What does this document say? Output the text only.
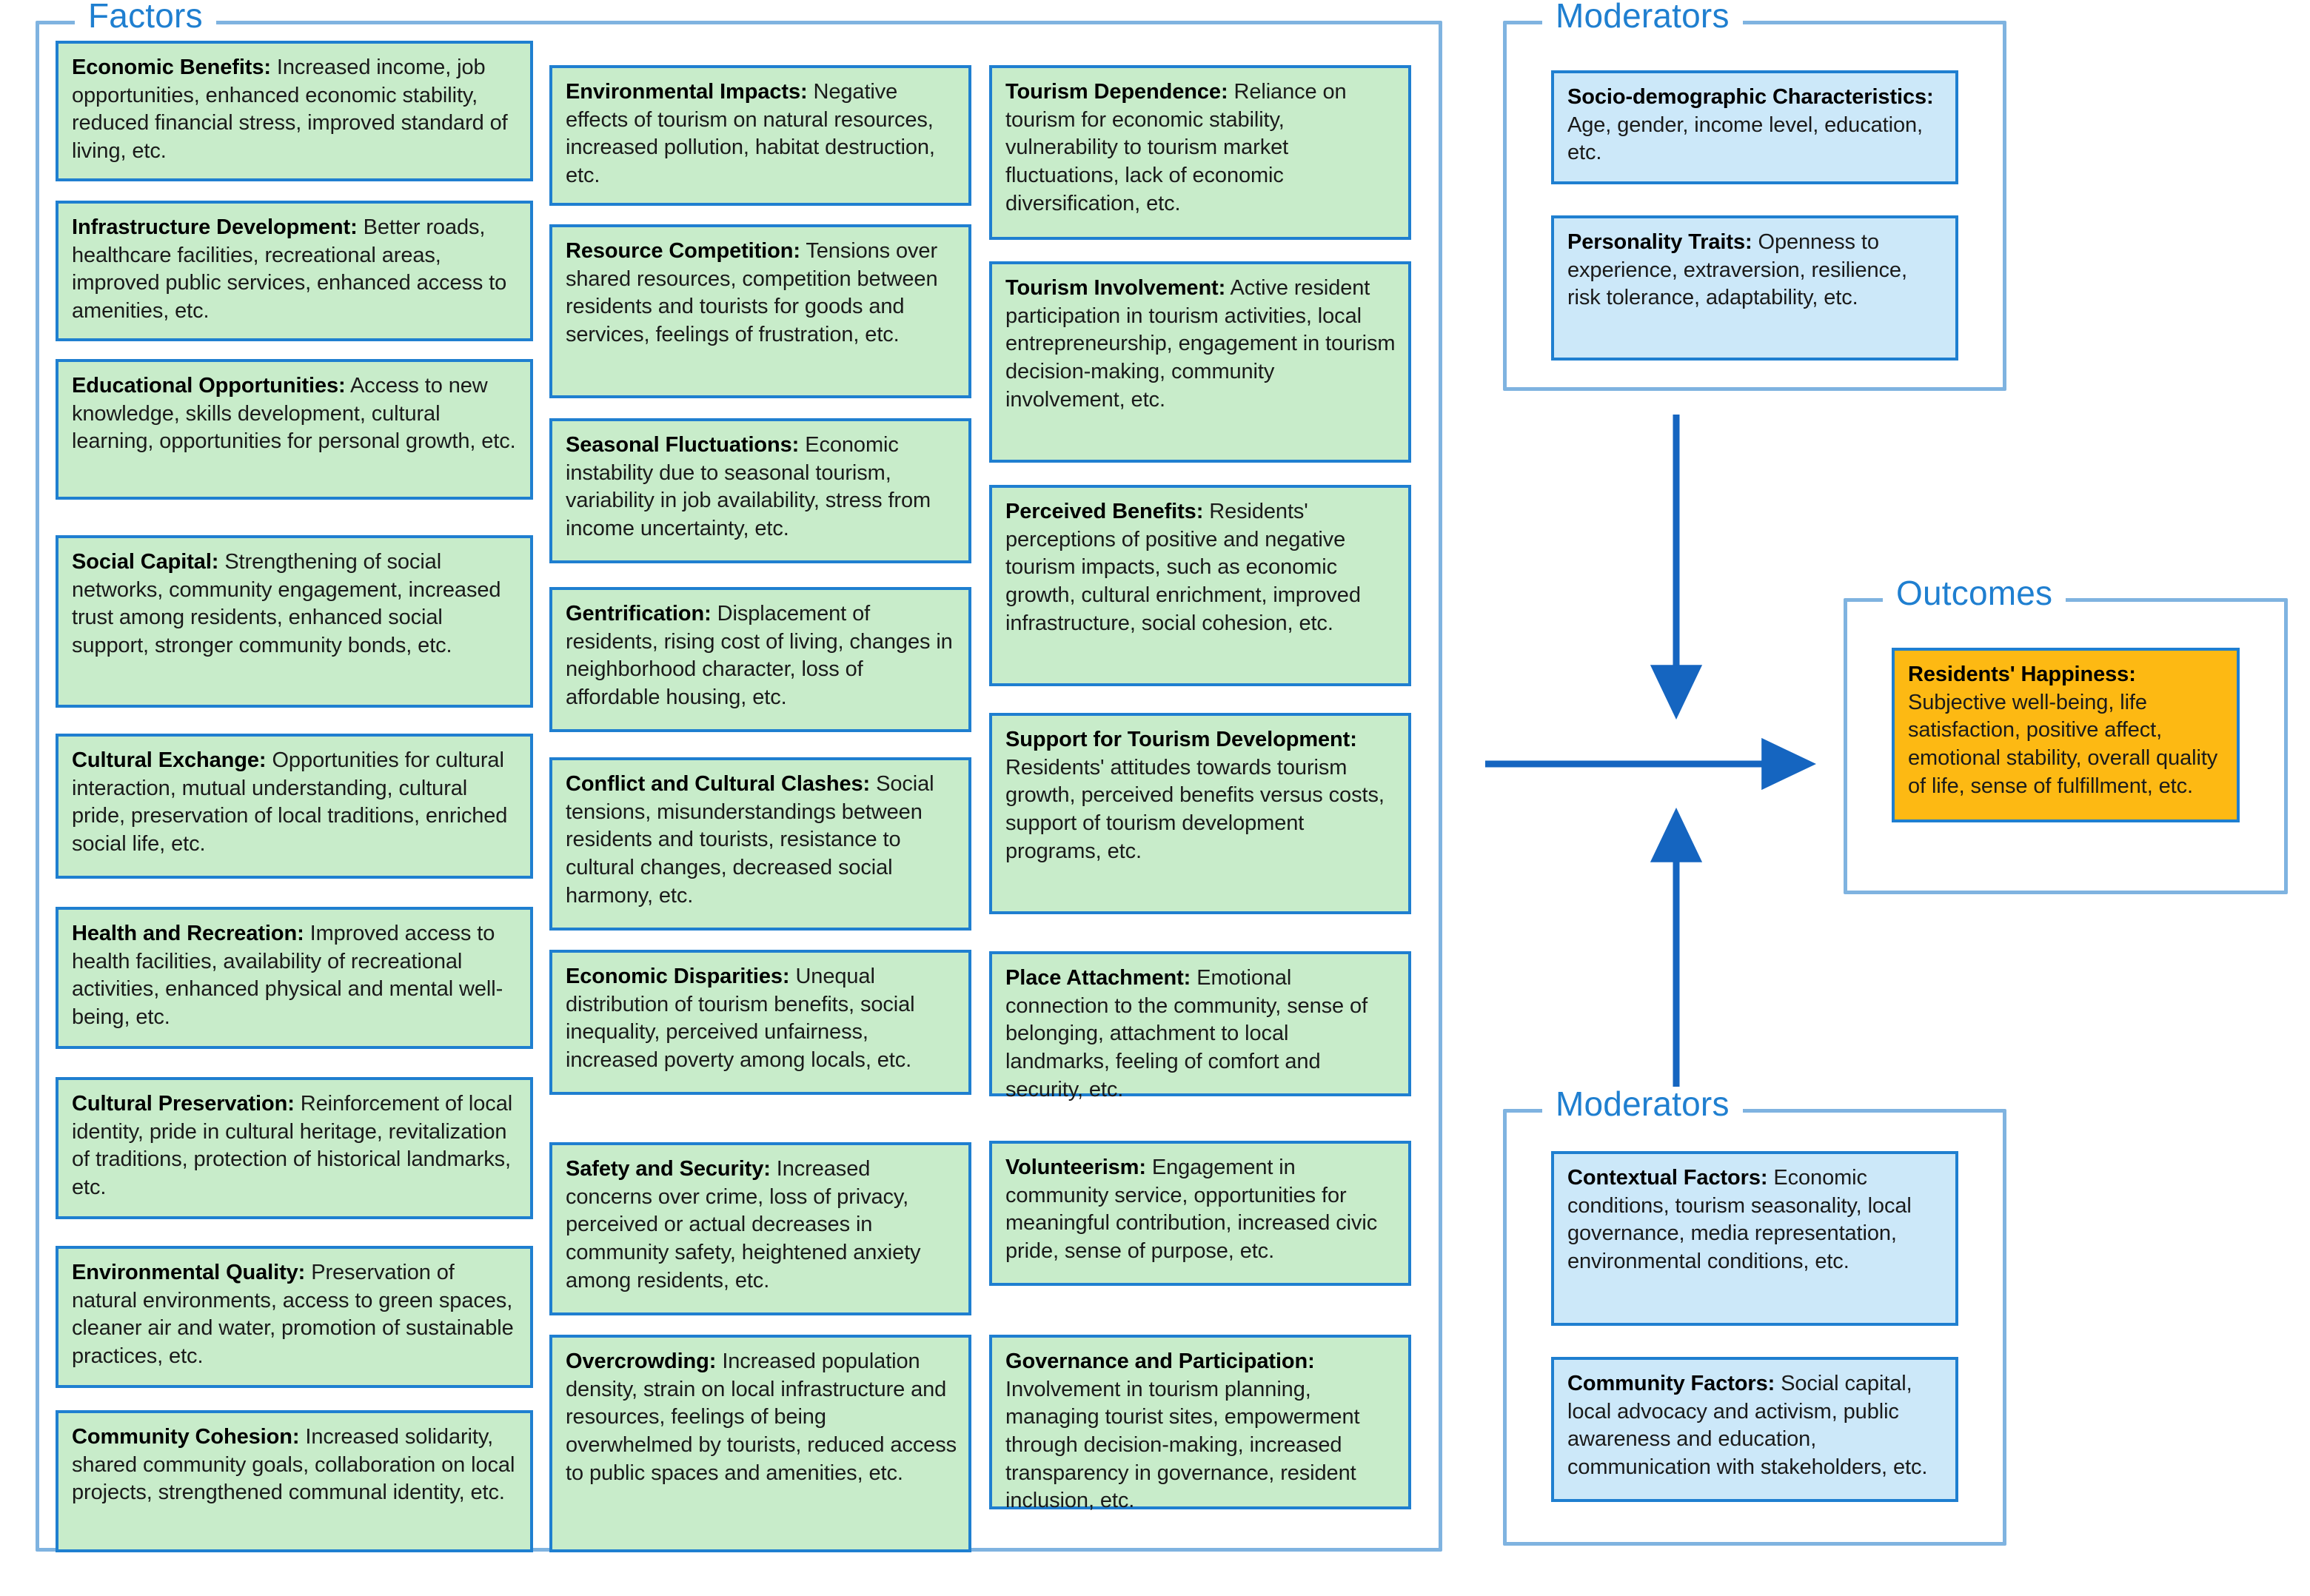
Factors
Economic Benefits: Increased income, job opportunities, enhanced economic stability, reduced financial stress, improved standard of living, etc.
Infrastructure Development: Better roads, healthcare facilities, recreational areas, improved public services, enhanced access to amenities, etc.
Educational Opportunities: Access to new knowledge, skills development, cultural learning, opportunities for personal growth, etc.
Social Capital: Strengthening of social networks, community engagement, increased trust among residents, enhanced social support, stronger community bonds, etc.
Cultural Exchange: Opportunities for cultural interaction, mutual understanding, cultural pride, preservation of local traditions, enriched social life, etc.
Health and Recreation: Improved access to health facilities, availability of recreational activities, enhanced physical and mental well-being, etc.
Cultural Preservation: Reinforcement of local identity, pride in cultural heritage, revitalization of traditions, protection of historical landmarks, etc.
Environmental Quality: Preservation of natural environments, access to green spaces, cleaner air and water, promotion of sustainable practices, etc.
Community Cohesion: Increased solidarity, shared community goals, collaboration on local projects, strengthened communal identity, etc.
Environmental Impacts: Negative effects of tourism on natural resources, increased pollution, habitat destruction, etc.
Resource Competition: Tensions over shared resources, competition between residents and tourists for goods and services, feelings of frustration, etc.
Seasonal Fluctuations: Economic instability due to seasonal tourism, variability in job availability, stress from income uncertainty, etc.
Gentrification: Displacement of residents, rising cost of living, changes in neighborhood character, loss of affordable housing, etc.
Conflict and Cultural Clashes: Social tensions, misunderstandings between residents and tourists, resistance to cultural changes, decreased social harmony, etc.
Economic Disparities: Unequal distribution of tourism benefits, social inequality, perceived unfairness, increased poverty among locals, etc.
Safety and Security: Increased concerns over crime, loss of privacy, perceived or actual decreases in community safety, heightened anxiety among residents, etc.
Overcrowding: Increased population density, strain on local infrastructure and resources, feelings of being overwhelmed by tourists, reduced access to public spaces and amenities, etc.
Tourism Dependence: Reliance on tourism for economic stability, vulnerability to tourism market fluctuations, lack of economic diversification, etc.
Tourism Involvement: Active resident participation in tourism activities, local entrepreneurship, engagement in tourism decision-making, community involvement, etc.
Perceived Benefits: Residents' perceptions of positive and negative tourism impacts, such as economic growth, cultural enrichment, improved infrastructure, social cohesion, etc.
Support for Tourism Development: Residents' attitudes towards tourism growth, perceived benefits versus costs, support of tourism development programs, etc.
Place Attachment: Emotional connection to the community, sense of belonging, attachment to local landmarks, feeling of comfort and security, etc.
Volunteerism: Engagement in community service, opportunities for meaningful contribution, increased civic pride, sense of purpose, etc.
Governance and Participation: Involvement in tourism planning, managing tourist sites, empowerment through decision-making, increased transparency in governance, resident inclusion, etc.
Moderators
Socio-demographic Characteristics: Age, gender, income level, education, etc.
Personality Traits: Openness to experience, extraversion, resilience, risk tolerance, adaptability, etc.
Moderators
Contextual Factors: Economic conditions, tourism seasonality, local governance, media representation, environmental conditions, etc.
Community Factors: Social capital, local advocacy and activism, public awareness and education, communication with stakeholders, etc.
Outcomes
Residents' Happiness: Subjective well-being, life satisfaction, positive affect, emotional stability, overall quality of life, sense of fulfillment, etc.
